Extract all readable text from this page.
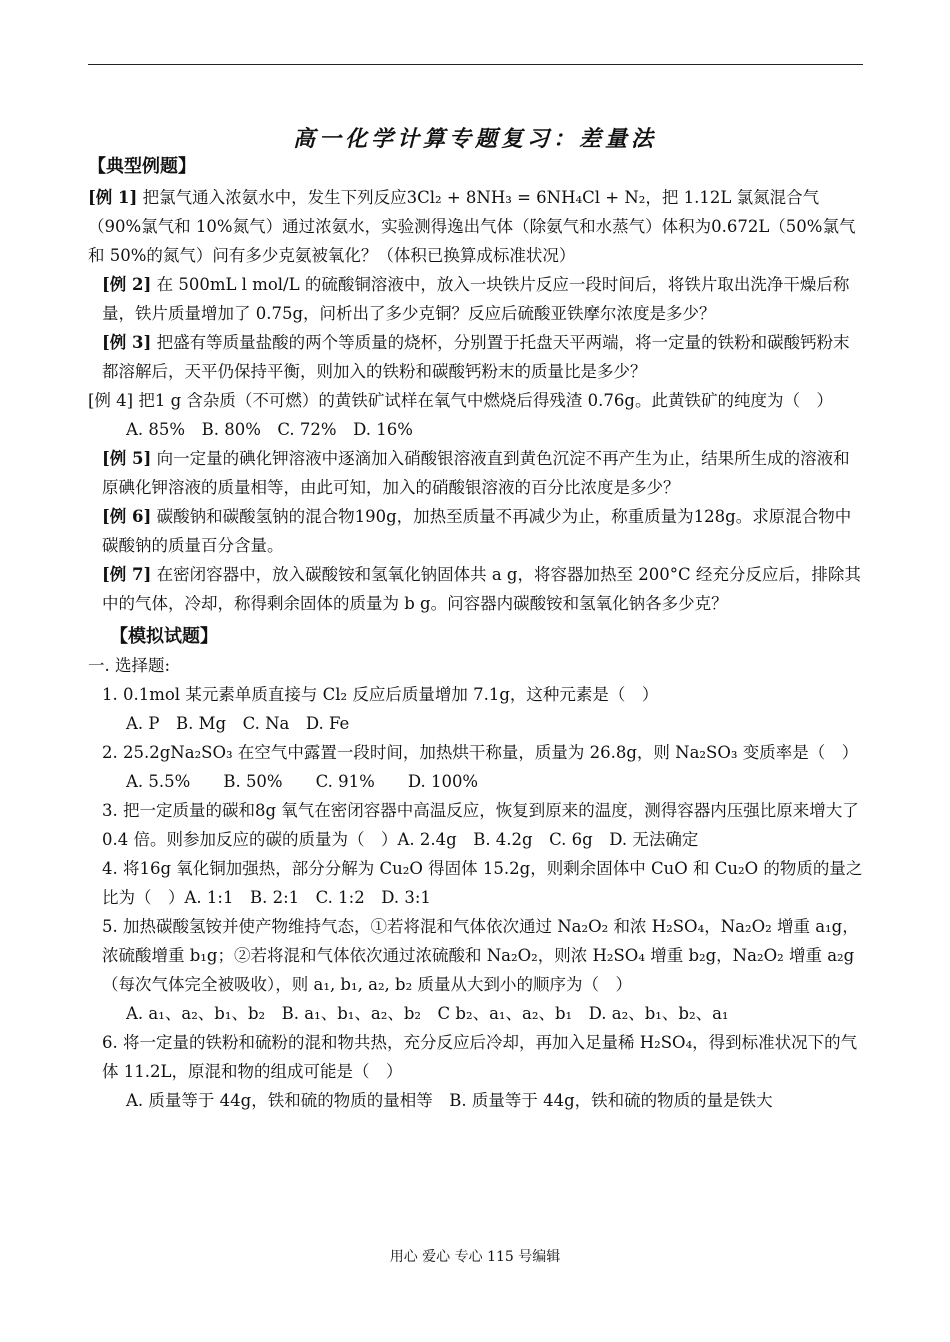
高一化学计算专题复习：差量法
【典型例题】

[例 1] 把氯气通入浓氨水中，发生下列反应3Cl₂ + 8NH₃ = 6NH₄Cl + N₂，把 1.12L 氯氮混合气（90%氯气和 10%氮气）通过浓氨水，实验测得逸出气体（除氨气和水蒸气）体积为0.672L（50%氯气和 50%的氮气）问有多少克氨被氧化？（体积已换算成标准状况）

[例 2] 在 500mL l mol/L 的硫酸铜溶液中，放入一块铁片反应一段时间后，将铁片取出洗净干燥后称量，铁片质量增加了 0.75g，问析出了多少克铜？反应后硫酸亚铁摩尔浓度是多少？

[例 3] 把盛有等质量盐酸的两个等质量的烧杯，分别置于托盘天平两端，将一定量的铁粉和碳酸钙粉末都溶解后，天平仍保持平衡，则加入的铁粉和碳酸钙粉末的质量比是多少？

[例 4] 把1 g 含杂质（不可燃）的黄铁矿试样在氧气中燃烧后得残渣 0.76g。此黄铁矿的纯度为（　）

A. 85%　B. 80%　C. 72%　D. 16%

[例 5] 向一定量的碘化钾溶液中逐滴加入硝酸银溶液直到黄色沉淀不再产生为止，结果所生成的溶液和原碘化钾溶液的质量相等，由此可知，加入的硝酸银溶液的百分比浓度是多少？

[例 6] 碳酸钠和碳酸氢钠的混合物190g，加热至质量不再减少为止，称重质量为128g。求原混合物中碳酸钠的质量百分含量。

[例 7] 在密闭容器中，放入碳酸铵和氢氧化钠固体共 a g，将容器加热至 200°C 经充分反应后，排除其中的气体，冷却，称得剩余固体的质量为 b g。问容器内碳酸铵和氢氧化钠各多少克？

【模拟试题】

一. 选择题:

1. 0.1mol 某元素单质直接与 Cl₂ 反应后质量增加 7.1g，这种元素是（　）

A. P　B. Mg　C. Na　D. Fe

2. 25.2gNa₂SO₃ 在空气中露置一段时间，加热烘干称量，质量为 26.8g，则 Na₂SO₃ 变质率是（　）

A. 5.5%　　B. 50%　　C. 91%　　D. 100%

3. 把一定质量的碳和8g 氧气在密闭容器中高温反应，恢复到原来的温度，测得容器内压强比原来增大了 0.4 倍。则参加反应的碳的质量为（　）A. 2.4g　B. 4.2g　C. 6g　D. 无法确定

4. 将16g 氧化铜加强热，部分分解为 Cu₂O 得固体 15.2g，则剩余固体中 CuO 和 Cu₂O 的物质的量之比为（　）A. 1:1　B. 2:1　C. 1:2　D. 3:1

5. 加热碳酸氢铵并使产物维持气态，①若将混和气体依次通过 Na₂O₂ 和浓 H₂SO₄，Na₂O₂ 增重 a₁g，浓硫酸增重 b₁g；②若将混和气体依次通过浓硫酸和 Na₂O₂，则浓 H₂SO₄ 增重 b₂g，Na₂O₂ 增重 a₂g（每次气体完全被吸收），则 a₁, b₁, a₂, b₂ 质量从大到小的顺序为（　）

A. a₁、a₂、b₁、b₂　B. a₁、b₁、a₂、b₂　C b₂、a₁、a₂、b₁　D. a₂、b₁、b₂、a₁

6. 将一定量的铁粉和硫粉的混和物共热，充分反应后冷却，再加入足量稀 H₂SO₄，得到标准状况下的气体 11.2L，原混和物的组成可能是（　）

A. 质量等于 44g，铁和硫的物质的量相等　B. 质量等于 44g，铁和硫的物质的量是铁大

用心 爱心 专心 115 号编辑
